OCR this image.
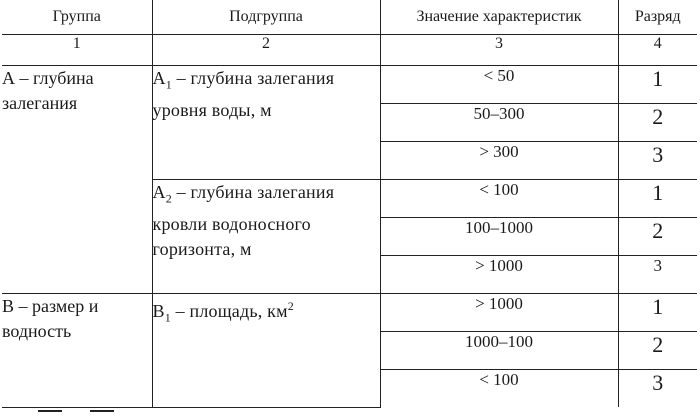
Группа	Подгруппа	Значение характеристик	Разряд
1	2	3	4
А – глубина залегания	$А_1$ – глубина залегания уровня воды, м	< 50	1
		50–300	2
		> 300	3
	$А_2$ – глубина залегания кровли водоносного горизонта, м	< 100	1
		100–1000	2
		> 1000	3
В – размер и водность	$В_1$ – площадь, $км^2$	> 1000	1
		1000–100	2
		< 100	3
